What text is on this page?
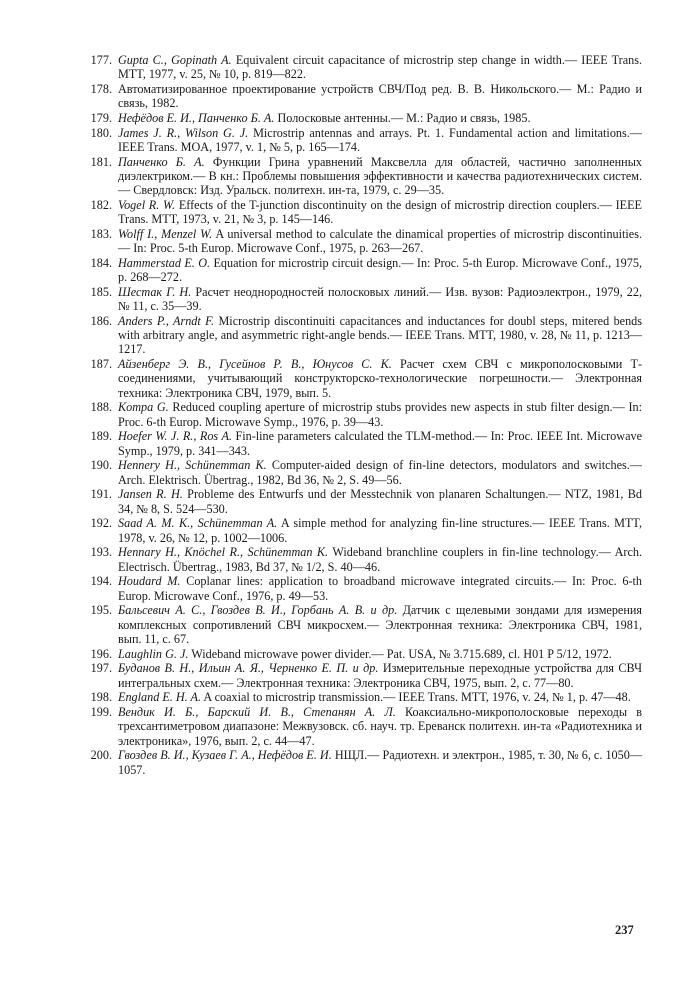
177. Gupta C., Gopinath A. Equivalent circuit capacitance of microstrip step change in width.— IEEE Trans. MTT, 1977, v. 25, № 10, p. 819—822.
178. Автоматизированное проектирование устройств СВЧ/Под ред. В. В. Никольского.— М.: Радио и связь, 1982.
179. Нефёдов Е. И., Панченко Б. А. Полосковые антенны.— М.: Радио и связь, 1985.
180. James J. R., Wilson G. J. Microstrip antennas and arrays. Pt. 1. Fundamental action and limitations.— IEEE Trans. MOA, 1977, v. 1, № 5, p. 165—174.
181. Панченко Б. А. Функции Грина уравнений Максвелла для областей, частично заполненных диэлектриком.— В кн.: Проблемы повышения эффективности и качества радиотехнических систем.— Свердловск: Изд. Уральск. политехн. ин-та, 1979, с. 29—35.
182. Vogel R. W. Effects of the T-junction discontinuity on the design of microstrip direction couplers.— IEEE Trans. MTT, 1973, v. 21, № 3, p. 145—146.
183. Wolff I., Menzel W. A universal method to calculate the dinamical properties of microstrip discontinuities.— In: Proc. 5-th Europ. Microwave Conf., 1975, p. 263—267.
184. Hammerstad E. O. Equation for microstrip circuit design.— In: Proc. 5-th Europ. Microwave Conf., 1975, p. 268—272.
185. Шестак Г. Н. Расчет неоднородностей полосковых линий.— Изв. вузов: Радиоэлектрон., 1979, 22, № 11, с. 35—39.
186. Anders P., Arndt F. Microstrip discontinuiti capacitances and inductances for doubl steps, mitered bends with arbitrary angle, and asymmetric right-angle bends.— IEEE Trans. MTT, 1980, v. 28, № 11, p. 1213—1217.
187. Айзенберг Э. В., Гусейнов Р. В., Юнусов С. К. Расчет схем СВЧ с микрополосковыми Т-соединениями, учитывающий конструкторско-технологические погрешности.— Электронная техника: Электроника СВЧ, 1979, вып. 5.
188. Kompa G. Reduced coupling aperture of microstrip stubs provides new aspects in stub filter design.— In: Proc. 6-th Europ. Microwave Symp., 1976, p. 39—43.
189. Hoefer W. J. R., Ros A. Fin-line parameters calculated the TLM-method.— In: Proc. IEEE Int. Microwave Symp., 1979, p. 341—343.
190. Hennery H., Schünemman K. Computer-aided design of fin-line detectors, modulators and switches.— Arch. Elektrisch. Übertrag., 1982, Bd 36, № 2, S. 49—56.
191. Jansen R. H. Probleme des Entwurfs und der Messtechnik von planaren Schaltungen.— NTZ, 1981, Bd 34, № 8, S. 524—530.
192. Saad A. M. K., Schünemman A. A simple method for analyzing fin-line structures.— IEEE Trans. MTT, 1978, v. 26, № 12, p. 1002—1006.
193. Hennary H., Knöchel R., Schünemman K. Wideband branchline couplers in fin-line technology.— Arch. Electrisch. Übertrag., 1983, Bd 37, № 1/2, S. 40—46.
194. Houdard M. Coplanar lines: application to broadband microwave integrated circuits.— In: Proc. 6-th Europ. Microwave Conf., 1976, p. 49—53.
195. Бальсевич А. С., Гвоздев В. И., Горбань А. В. и др. Датчик с щелевыми зондами для измерения комплексных сопротивлений СВЧ микросхем.— Электронная техника: Электроника СВЧ, 1981, вып. 11, с. 67.
196. Laughlin G. J. Wideband microwave power divider.— Pat. USA, № 3.715.689, cl. H01 P 5/12, 1972.
197. Буданов В. Н., Ильин А. Я., Черненко Е. П. и др. Измерительные переходные устройства для СВЧ интегральных схем.— Электронная техника: Электроника СВЧ, 1975, вып. 2, с. 77—80.
198. England E. H. A. A coaxial to microstrip transmission.— IEEE Trans. MTT, 1976, v. 24, № 1, p. 47—48.
199. Вендик И. Б., Барский И. В., Степанян А. Л. Коаксиально-микрополосковые переходы в трехсантиметровом диапазоне: Межвузовск. сб. науч. тр. Ереванск политехн. ин-та «Радиотехника и электроника», 1976, вып. 2, с. 44—47.
200. Гвоздев В. И., Кузаев Г. А., Нефёдов Е. И. НЩЛ.— Радиотехн. и электрон., 1985, т. 30, № 6, с. 1050—1057.
237
